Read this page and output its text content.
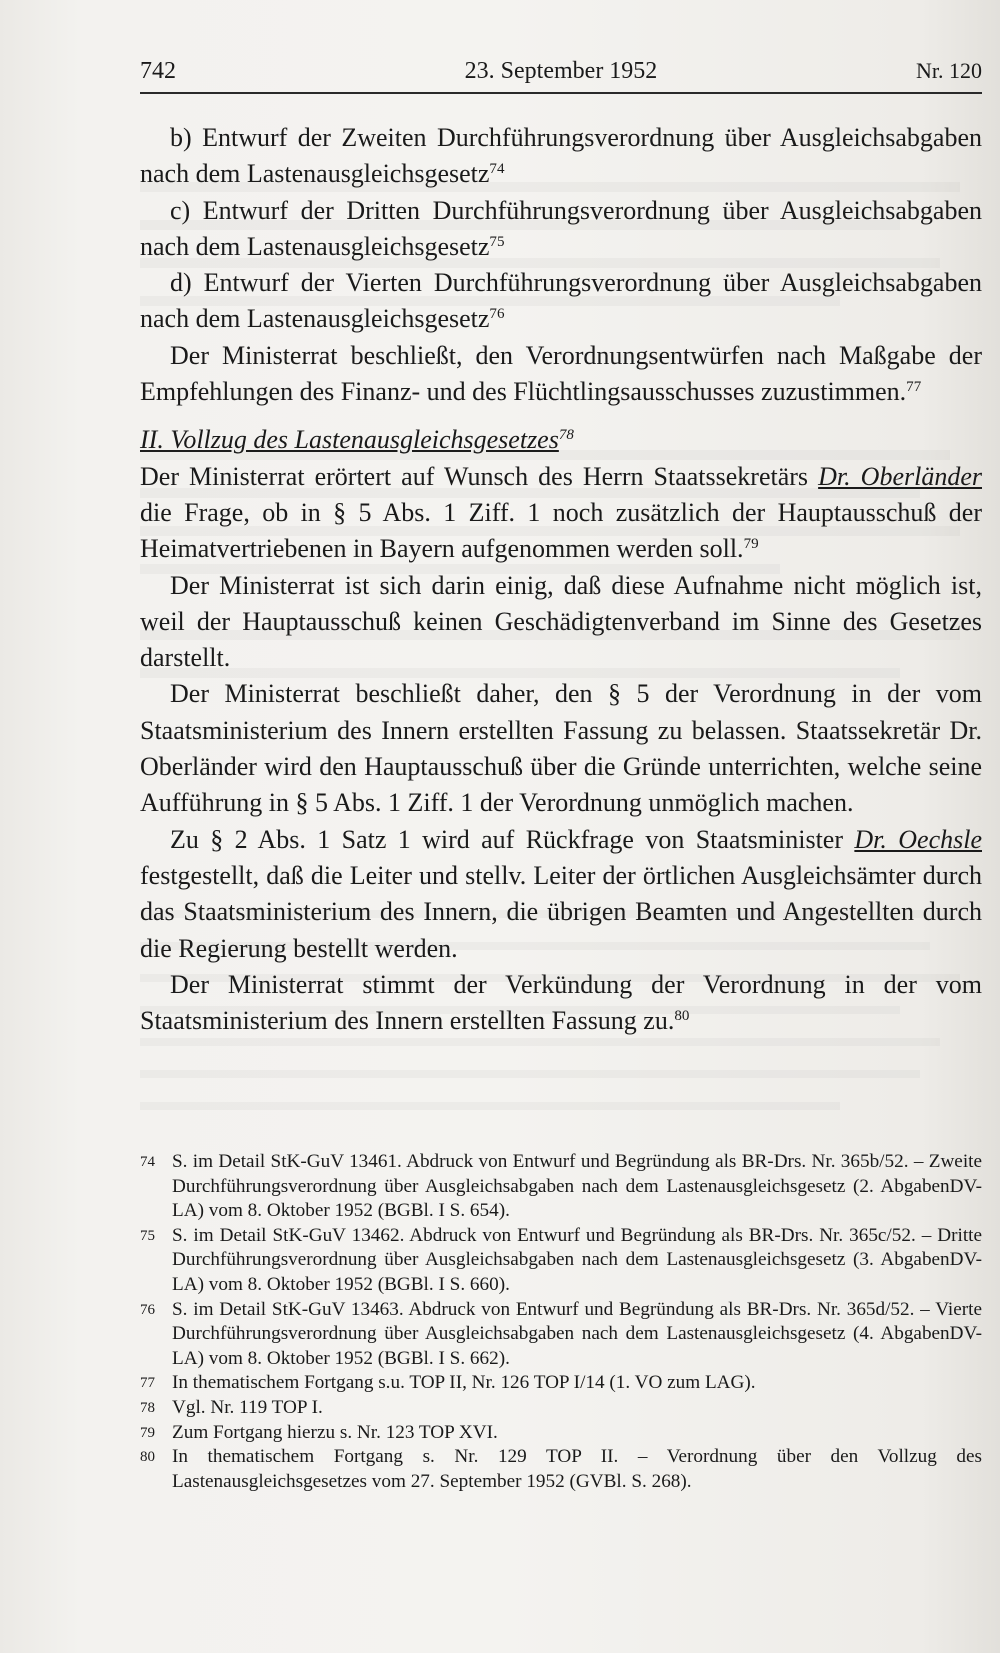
742	23. September 1952	Nr. 120

b) Entwurf der Zweiten Durchführungsverordnung über Ausgleichsabgaben nach dem Lastenausgleichsgesetz$^{74}$

c) Entwurf der Dritten Durchführungsverordnung über Ausgleichsabgaben nach dem Lastenausgleichsgesetz$^{75}$

d) Entwurf der Vierten Durchführungsverordnung über Ausgleichsabgaben nach dem Lastenausgleichsgesetz$^{76}$

Der Ministerrat beschließt, den Verordnungsentwürfen nach Maßgabe der Empfehlungen des Finanz- und des Flüchtlingsausschusses zuzustimmen.$^{77}$

II. Vollzug des Lastenausgleichsgesetzes$^{78}$

Der Ministerrat erörtert auf Wunsch des Herrn Staatssekretärs Dr. Oberländer die Frage, ob in § 5 Abs. 1 Ziff. 1 noch zusätzlich der Hauptausschuß der Heimatvertriebenen in Bayern aufgenommen werden soll.$^{79}$

Der Ministerrat ist sich darin einig, daß diese Aufnahme nicht möglich ist, weil der Hauptausschuß keinen Geschädigtenverband im Sinne des Gesetzes darstellt.

Der Ministerrat beschließt daher, den § 5 der Verordnung in der vom Staatsministerium des Innern erstellten Fassung zu belassen. Staatssekretär Dr. Oberländer wird den Hauptausschuß über die Gründe unterrichten, welche seine Aufführung in § 5 Abs. 1 Ziff. 1 der Verordnung unmöglich machen.

Zu § 2 Abs. 1 Satz 1 wird auf Rückfrage von Staatsminister Dr. Oechsle festgestellt, daß die Leiter und stellv. Leiter der örtlichen Ausgleichsämter durch das Staatsministerium des Innern, die übrigen Beamten und Angestellten durch die Regierung bestellt werden.

Der Ministerrat stimmt der Verkündung der Verordnung in der vom Staatsministerium des Innern erstellten Fassung zu.$^{80}$

74 S. im Detail StK-GuV 13461. Abdruck von Entwurf und Begründung als BR-Drs. Nr. 365b/52. – Zweite Durchführungsverordnung über Ausgleichsabgaben nach dem Lastenausgleichsgesetz (2. AbgabenDV-LA) vom 8. Oktober 1952 (BGBl. I S. 654).
75 S. im Detail StK-GuV 13462. Abdruck von Entwurf und Begründung als BR-Drs. Nr. 365c/52. – Dritte Durchführungsverordnung über Ausgleichsabgaben nach dem Lastenausgleichsgesetz (3. AbgabenDV-LA) vom 8. Oktober 1952 (BGBl. I S. 660).
76 S. im Detail StK-GuV 13463. Abdruck von Entwurf und Begründung als BR-Drs. Nr. 365d/52. – Vierte Durchführungsverordnung über Ausgleichsabgaben nach dem Lastenausgleichsgesetz (4. AbgabenDV-LA) vom 8. Oktober 1952 (BGBl. I S. 662).
77 In thematischem Fortgang s.u. TOP II, Nr. 126 TOP I/14 (1. VO zum LAG).
78 Vgl. Nr. 119 TOP I.
79 Zum Fortgang hierzu s. Nr. 123 TOP XVI.
80 In thematischem Fortgang s. Nr. 129 TOP II. – Verordnung über den Vollzug des Lastenausgleichsgesetzes vom 27. September 1952 (GVBl. S. 268).
